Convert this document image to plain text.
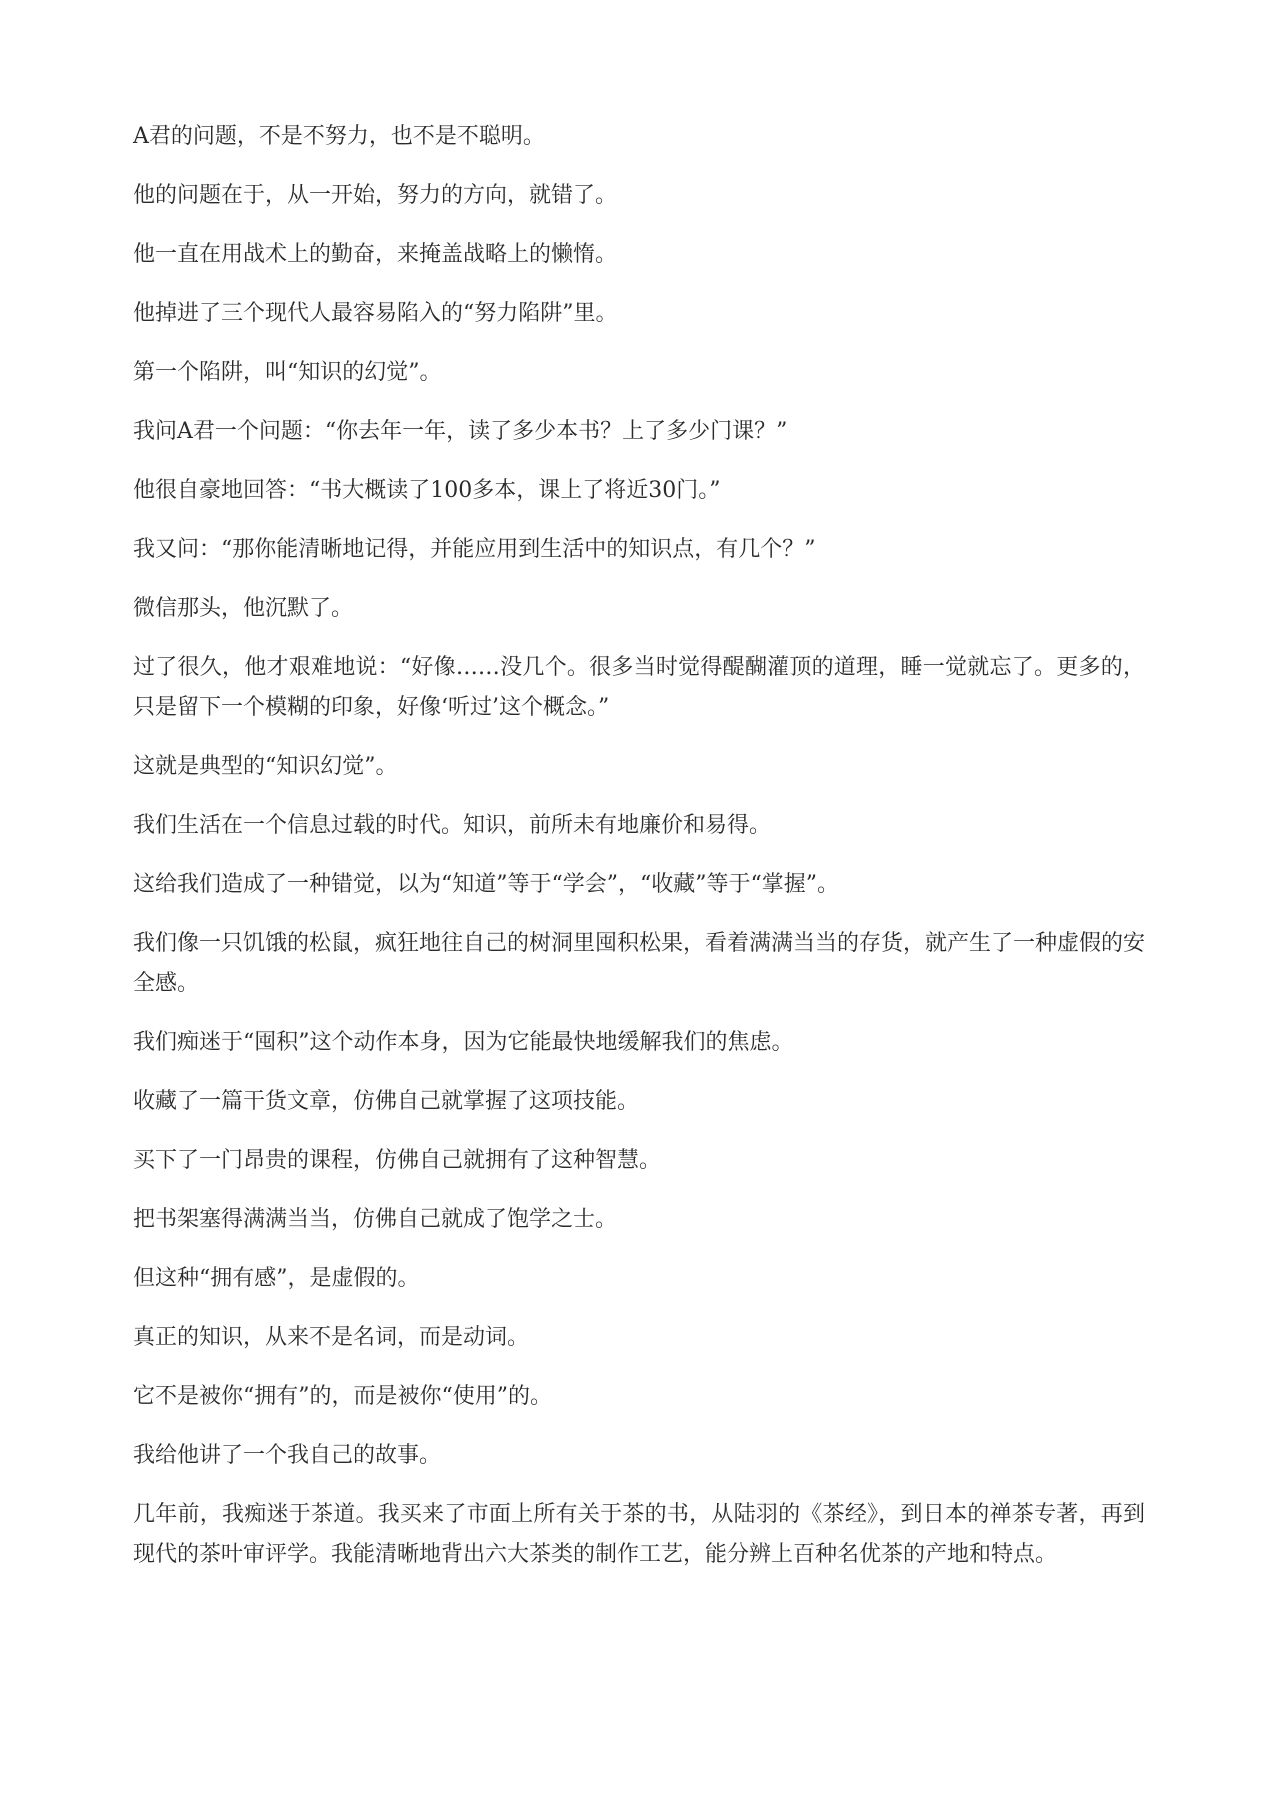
A君的问题，不是不努力，也不是不聪明。

他的问题在于，从一开始，努力的方向，就错了。

他一直在用战术上的勤奋，来掩盖战略上的懒惰。

他掉进了三个现代人最容易陷入的“努力陷阱”里。

第一个陷阱，叫“知识的幻觉”。

我问A君一个问题：“你去年一年，读了多少本书？上了多少门课？”

他很自豪地回答：“书大概读了100多本，课上了将近30门。”

我又问：“那你能清晰地记得，并能应用到生活中的知识点，有几个？”

微信那头，他沉默了。

过了很久，他才艰难地说：“好像……没几个。很多当时觉得醍醐灌顶的道理，睡一觉就忘了。更多的，只是留下一个模糊的印象，好像‘听过’这个概念。”

这就是典型的“知识幻觉”。

我们生活在一个信息过载的时代。知识，前所未有地廉价和易得。

这给我们造成了一种错觉，以为“知道”等于“学会”，“收藏”等于“掌握”。

我们像一只饥饿的松鼠，疯狂地往自己的树洞里囤积松果，看着满满当当的存货，就产生了一种虚假的安全感。

我们痴迷于“囤积”这个动作本身，因为它能最快地缓解我们的焦虑。

收藏了一篇干货文章，仿佛自己就掌握了这项技能。

买下了一门昂贵的课程，仿佛自己就拥有了这种智慧。

把书架塞得满满当当，仿佛自己就成了饱学之士。

但这种“拥有感”，是虚假的。

真正的知识，从来不是名词，而是动词。

它不是被你“拥有”的，而是被你“使用”的。

我给他讲了一个我自己的故事。

几年前，我痴迷于茶道。我买来了市面上所有关于茶的书，从陆羽的《茶经》，到日本的禅茶专著，再到现代的茶叶审评学。我能清晰地背出六大茶类的制作工艺，能分辨上百种名优茶的产地和特点。
